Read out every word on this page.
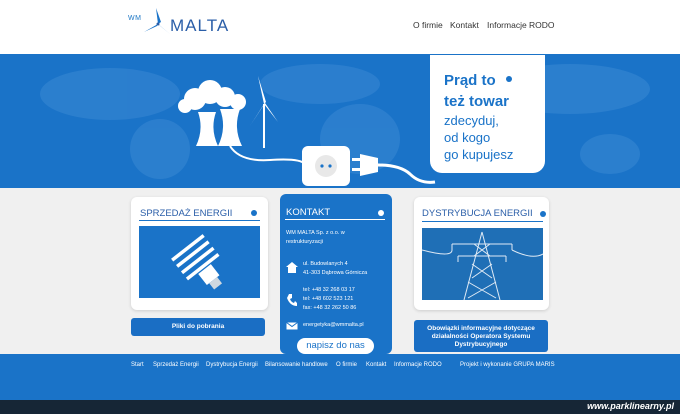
WM MALTA	O firmie Kontakt Informacje RODO
Prąd to
też towar
zdecyduj,
od kogo
go kupujesz
SPRZEDAŻ ENERGII
Pliki do pobrania
KONTAKT
WM MALTA Sp. z o.o. w restrukturyzacji
ul. Budowlanych 4
41-303 Dąbrowa Górnicza
tel: +48 32 268 03 17
tel: +48 602 523 121
fax: +48 32 262 50 86
energetyka@wmmalta.pl
napisz do nas
DYSTRYBUCJA ENERGII
Obowiązki informacyjne dotyczące
działalności Operatora Systemu
Dystrybucyjnego
Start Sprzedaż Energii Dystrybucja Energii Bilansowanie handlowe O firmie Kontakt Informacje RODO	Projekt i wykonanie GRUPA MARIS
www.parklinearny.pl
